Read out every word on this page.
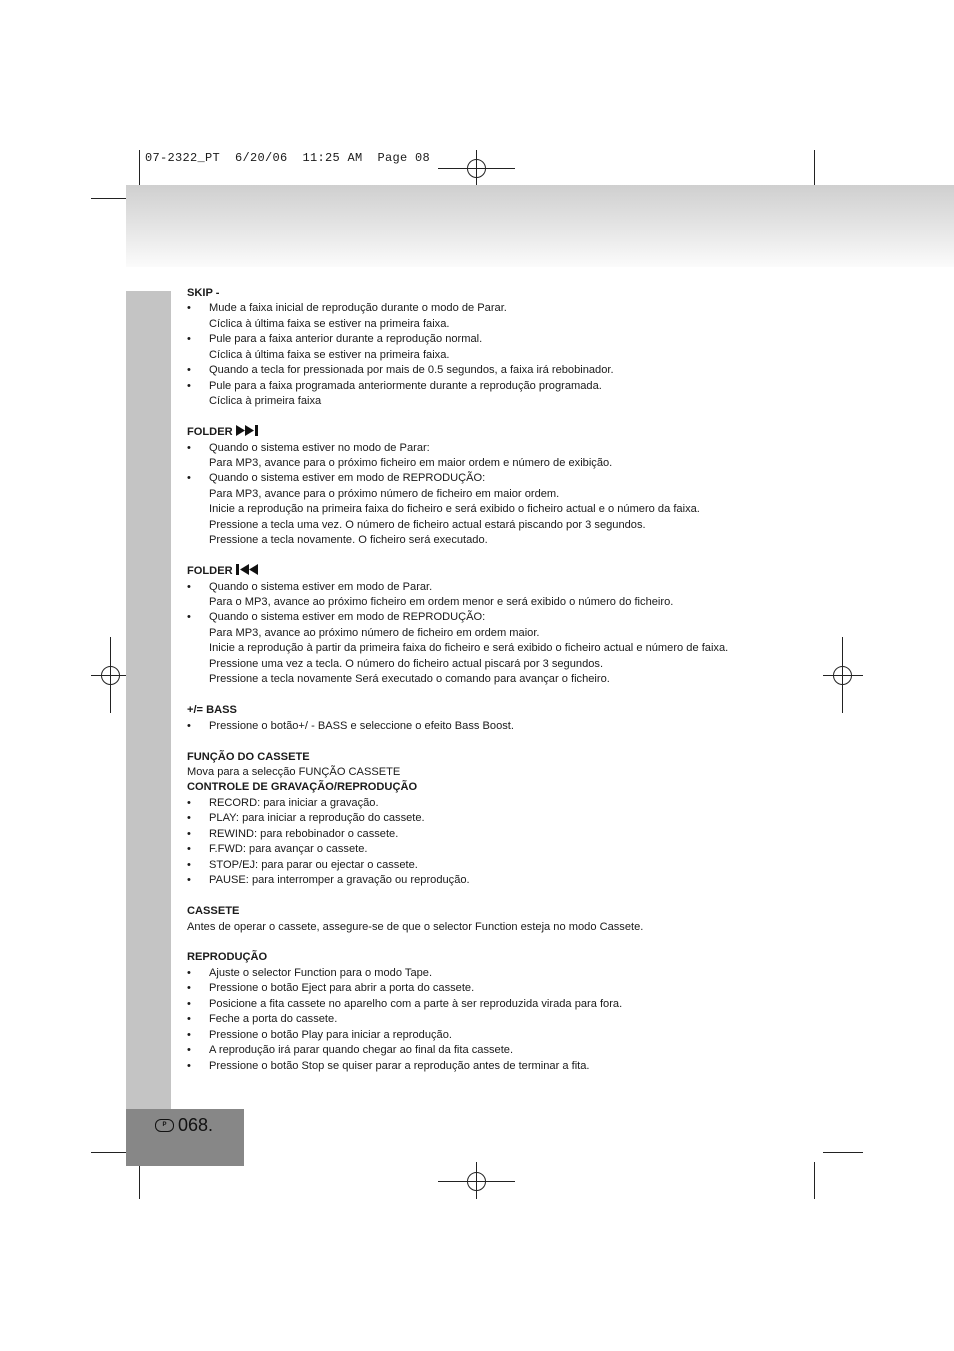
07-2322_PT  6/20/06  11:25 AM  Page 08
P 068.
SKIP -
• Mude a faixa inicial de reprodução durante o modo de Parar.
Cíclica à última faixa se estiver na primeira faixa.
• Pule para a faixa anterior durante a reprodução normal.
Cíclica à última faixa se estiver na primeira faixa.
• Quando a tecla for pressionada por mais de 0.5 segundos, a faixa irá rebobinador.
• Pule para a faixa programada anteriormente durante a reprodução programada.
Cíclica à primeira faixa
FOLDER
• Quando o sistema estiver no modo de Parar:
Para MP3, avance para o próximo ficheiro em maior ordem e número de exibição.
• Quando o sistema estiver em modo de REPRODUÇÃO:
Para MP3, avance para o próximo número de ficheiro em maior ordem.
Inicie a reprodução na primeira faixa do ficheiro e será exibido o ficheiro actual e o número da faixa.
Pressione a tecla uma vez. O número de ficheiro actual estará piscando por 3 segundos.
Pressione a tecla novamente. O ficheiro será executado.
FOLDER
• Quando o sistema estiver em modo de Parar.
Para o MP3, avance ao próximo ficheiro em ordem menor e será exibido o número do ficheiro.
• Quando o sistema estiver em modo de REPRODUÇÃO:
Para MP3, avance ao próximo número de ficheiro em ordem maior.
Inicie a reprodução à partir da primeira faixa do ficheiro e será exibido o ficheiro actual e número de faixa.
Pressione uma vez a tecla. O número do ficheiro actual piscará por 3 segundos.
Pressione a tecla novamente Será executado o comando para avançar o ficheiro.
+/= BASS
• Pressione o botão+/ - BASS e seleccione o efeito Bass Boost.
FUNÇÃO DO CASSETE
Mova para a selecção FUNÇÃO CASSETE
CONTROLE DE GRAVAÇÃO/REPRODUÇÃO
• RECORD: para iniciar a gravação.
• PLAY: para iniciar a reprodução do cassete.
• REWIND: para rebobinador o cassete.
• F.FWD: para avançar o cassete.
• STOP/EJ: para parar ou ejectar o cassete.
• PAUSE: para interromper a gravação ou reprodução.
CASSETE
Antes de operar o cassete, assegure-se de que o selector Function esteja no modo Cassete.
REPRODUÇÃO
• Ajuste o selector Function para o modo Tape.
• Pressione o botão Eject para abrir a porta do cassete.
• Posicione a fita cassete no aparelho com a parte à ser reproduzida virada para fora.
• Feche a porta do cassete.
• Pressione o botão Play para iniciar a reprodução.
• A reprodução irá parar quando chegar ao final da fita cassete.
• Pressione o botão Stop se quiser parar a reprodução antes de terminar a fita.
